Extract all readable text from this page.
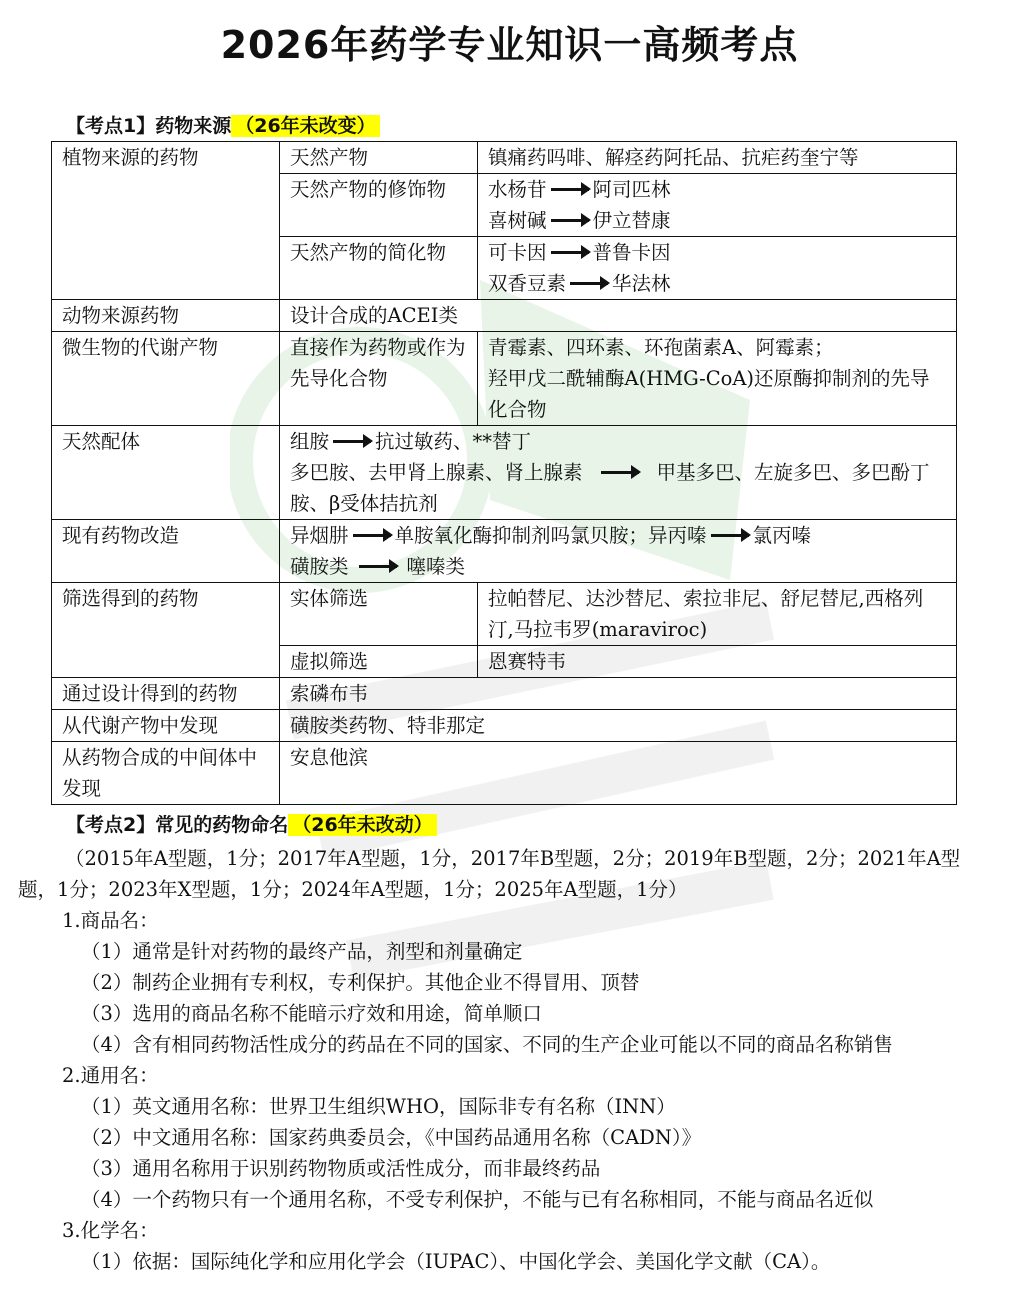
2026年药学专业知识一高频考点
【考点1】药物来源 （26年未改变）
植物来源的药物	天然产物	镇痛药吗啡、解痉药阿托品、抗疟药奎宁等
	天然产物的修饰物	水杨苷 阿司匹林
喜树碱 伊立替康

	天然产物的简化物	可卡因 普鲁卡因
双香豆素 华法林

动物来源药物	设计合成的ACEI类	
微生物的代谢产物	直接作为药物或作为先导化合物	青霉素、四环素、环孢菌素A、阿霉素；
羟甲戊二酰辅酶A(HMG-CoA)还原酶抑制剂的先导化合物

天然配体	组胺 抗过敏药、**替丁
多巴胺、去甲肾上腺素、肾上腺素 甲基多巴、左旋多巴、多巴酚丁胺、β受体拮抗剂	

现有药物改造	异烟肼 单胺氧化酶抑制剂吗氯贝胺；异丙嗪 氯丙嗪
磺胺类 噻嗪类	

筛选得到的药物	实体筛选	拉帕替尼、达沙替尼、索拉非尼、舒尼替尼,西格列汀,马拉韦罗(maraviroc)
	虚拟筛选	恩赛特韦
通过设计得到的药物	索磷布韦	
从代谢产物中发现	磺胺类药物、特非那定	
从药物合成的中间体中发现	安息他滨	
【考点2】常见的药物命名 （26年未改动）

（2015年A型题，1分；2017年A型题，1分，2017年B型题，2分；2019年B型题，2分；2021年A型题，1分；2023年X型题，1分；2024年A型题，1分；2025年A型题，1分）

1.商品名：

（1）通常是针对药物的最终产品，剂型和剂量确定

（2）制药企业拥有专利权，专利保护。其他企业不得冒用、顶替

（3）选用的商品名称不能暗示疗效和用途，简单顺口

（4）含有相同药物活性成分的药品在不同的国家、不同的生产企业可能以不同的商品名称销售

2.通用名：

（1）英文通用名称：世界卫生组织WHO，国际非专有名称（INN）

（2）中文通用名称：国家药典委员会，《中国药品通用名称（CADN）》

（3）通用名称用于识别药物物质或活性成分，而非最终药品

（4）一个药物只有一个通用名称，不受专利保护，不能与已有名称相同，不能与商品名近似

3.化学名：

（1）依据：国际纯化学和应用化学会（IUPAC）、中国化学会、美国化学文献（CA）。
